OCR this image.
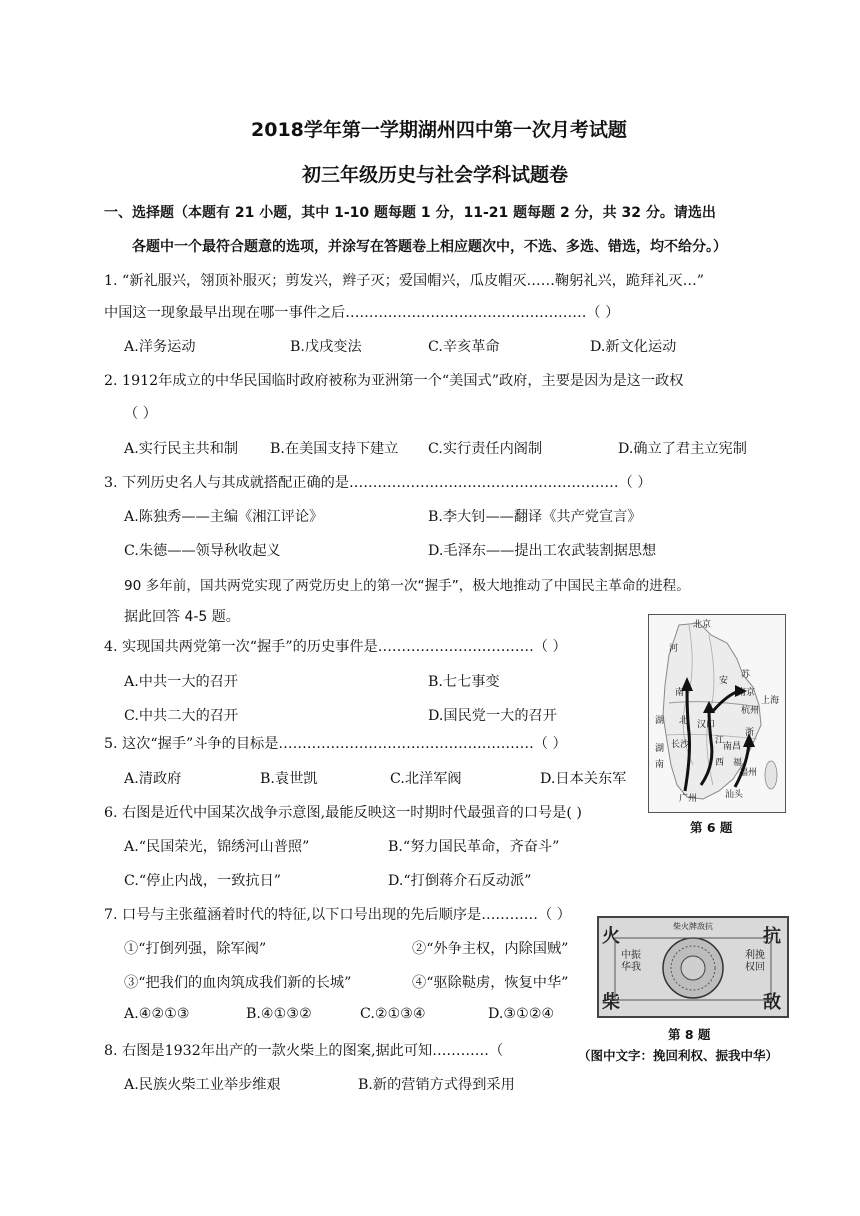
2018学年第一学期湖州四中第一次月考试题
初三年级历史与社会学科试题卷
一、选择题（本题有 21 小题，其中 1-10 题每题 1 分，11-21 题每题 2 分，共 32 分。请选出
各题中一个最符合题意的选项，并涂写在答题卷上相应题次中，不选、多选、错选，均不给分。）
1. “新礼服兴，翎顶补服灭；剪发兴，辫子灭；爱国帽兴，瓜皮帽灭……鞠躬礼兴，跪拜礼灭…”
中国这一现象最早出现在哪一事件之后……………………………………………（ ）
A.洋务运动	B.戊戌变法	C.辛亥革命	D.新文化运动
2. 1912年成立的中华民国临时政府被称为亚洲第一个“美国式”政府，主要是因为是这一政权
（ ）
A.实行民主共和制 B.在美国支持下建立 C.实行责任内阁制	D.确立了君主立宪制
3. 下列历史名人与其成就搭配正确的是…………………………………………………（ ）
A.陈独秀——主编《湘江评论》	B.李大钊——翻译《共产党宣言》
C.朱德——领导秋收起义	D.毛泽东——提出工农武装割据思想
90 多年前，国共两党实现了两党历史上的第一次“握手”，极大地推动了中国民主革命的进程。
据此回答 4-5 题。
4. 实现国共两党第一次“握手”的历史事件是……………………………（ ）
A.中共一大的召开	B.七七事变
C.中共二大的召开	D.国民党一大的召开
5. 这次“握手”斗争的目标是………………………………………………（ ）
A.清政府	B.袁世凯	C.北洋军阀	D.日本关东军
6. 右图是近代中国某次战争示意图,最能反映这一时期时代最强音的口号是( )
A.“民国荣光，锦绣河山普照”	B.“努力国民革命，齐奋斗”
C.“停止内战，一致抗日”	D.“打倒蒋介石反动派”
7. 口号与主张蕴涵着时代的特征,以下口号出现的先后顺序是…………（ ）
①“打倒列强，除军阀”	②“外争主权，内除国贼”
③“把我们的血肉筑成我们新的长城”	④“驱除鞑虏，恢复中华”
A.④②①③	B.④①③②	C.②①③④	D.③①②④
8. 右图是1932年出产的一款火柴上的图案,据此可知…………（
A.民族火柴工业举步维艰	B.新的营销方式得到采用
北京
河
南
湖 北 汉口
湖
南
长沙	江
西
南昌
福州
安
苏
南京
杭州
上海
浙
广州	汕头
福
第 6 题
柴火牌敌抗
火	抗
柴	敌
中振
华我
利挽
权回
第 8 题
（图中文字：挽回利权、振我中华）
